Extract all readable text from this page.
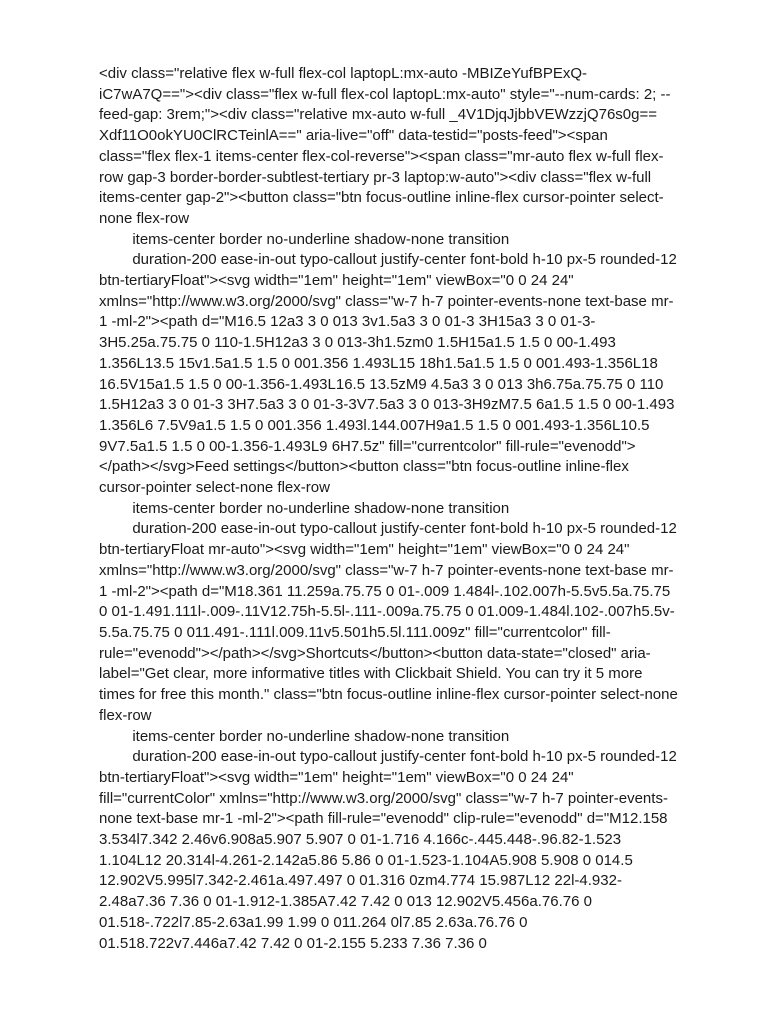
<div class="relative flex w-full flex-col laptopL:mx-auto -MBIZeYufBPExQ-iC7wA7Q=="><div class="flex w-full flex-col laptopL:mx-auto" style="--num-cards: 2; --feed-gap: 3rem;"><div class="relative mx-auto w-full _4V1DjqJjbbVEWzzjQ76s0g== Xdf11O0okYU0ClRCTeinlA==" aria-live="off" data-testid="posts-feed"><span class="flex flex-1 items-center flex-col-reverse"><span class="mr-auto flex w-full flex-row gap-3 border-border-subtlest-tertiary pr-3 laptop:w-auto"><div class="flex w-full items-center gap-2"><button class="btn focus-outline inline-flex cursor-pointer select-none flex-row
items-center border no-underline shadow-none transition
duration-200 ease-in-out typo-callout justify-center font-bold h-10 px-5 rounded-12 btn-tertiaryFloat"><svg width="1em" height="1em" viewBox="0 0 24 24" xmlns="http://www.w3.org/2000/svg" class="w-7 h-7 pointer-events-none text-base mr-1 -ml-2"><path d="M16.5 12a3 3 0 013 3v1.5a3 3 0 01-3 3H15a3 3 0 01-3-3H5.25a.75.75 0 110-1.5H12a3 3 0 013-3h1.5zm0 1.5H15a1.5 1.5 0 00-1.493 1.356L13.5 15v1.5a1.5 1.5 0 001.356 1.493L15 18h1.5a1.5 1.5 0 001.493-1.356L18 16.5V15a1.5 1.5 0 00-1.356-1.493L16.5 13.5zM9 4.5a3 3 0 013 3h6.75a.75.75 0 110 1.5H12a3 3 0 01-3 3H7.5a3 3 0 01-3-3V7.5a3 3 0 013-3H9zM7.5 6a1.5 1.5 0 00-1.493 1.356L6 7.5V9a1.5 1.5 0 001.356 1.493l.144.007H9a1.5 1.5 0 001.493-1.356L10.5 9V7.5a1.5 1.5 0 00-1.356-1.493L9 6H7.5z" fill="currentcolor" fill-rule="evenodd"></path></svg>Feed settings</button><button class="btn focus-outline inline-flex cursor-pointer select-none flex-row
items-center border no-underline shadow-none transition
duration-200 ease-in-out typo-callout justify-center font-bold h-10 px-5 rounded-12 btn-tertiaryFloat mr-auto"><svg width="1em" height="1em" viewBox="0 0 24 24" xmlns="http://www.w3.org/2000/svg" class="w-7 h-7 pointer-events-none text-base mr-1 -ml-2"><path d="M18.361 11.259a.75.75 0 01-.009 1.484l-.102.007h-5.5v5.5a.75.75 0 01-1.491.111l-.009-.11V12.75h-5.5l-.111-.009a.75.75 0 01.009-1.484l.102-.007h5.5v-5.5a.75.75 0 011.491-.111l.009.11v5.501h5.5l.111.009z" fill="currentcolor" fill-rule="evenodd"></path></svg>Shortcuts</button><button data-state="closed" aria-label="Get clear, more informative titles with Clickbait Shield. You can try it 5 more times for free this month." class="btn focus-outline inline-flex cursor-pointer select-none flex-row
items-center border no-underline shadow-none transition
duration-200 ease-in-out typo-callout justify-center font-bold h-10 px-5 rounded-12 btn-tertiaryFloat"><svg width="1em" height="1em" viewBox="0 0 24 24" fill="currentColor" xmlns="http://www.w3.org/2000/svg" class="w-7 h-7 pointer-events-none text-base mr-1 -ml-2"><path fill-rule="evenodd" clip-rule="evenodd" d="M12.158 3.534l7.342 2.46v6.908a5.907 5.907 0 01-1.716 4.166c-.445.448-.96.82-1.523 1.104L12 20.314l-4.261-2.142a5.86 5.86 0 01-1.523-1.104A5.908 5.908 0 014.5 12.902V5.995l7.342-2.461a.497.497 0 01.316 0zm4.774 15.987L12 22l-4.932-2.48a7.36 7.36 0 01-1.912-1.385A7.42 7.42 0 013 12.902V5.456a.76.76 0 01.518-.722l7.85-2.63a1.99 1.99 0 011.264 0l7.85 2.63a.76.76 0 01.518.722v7.446a7.42 7.42 0 01-2.155 5.233 7.36 7.36 0
